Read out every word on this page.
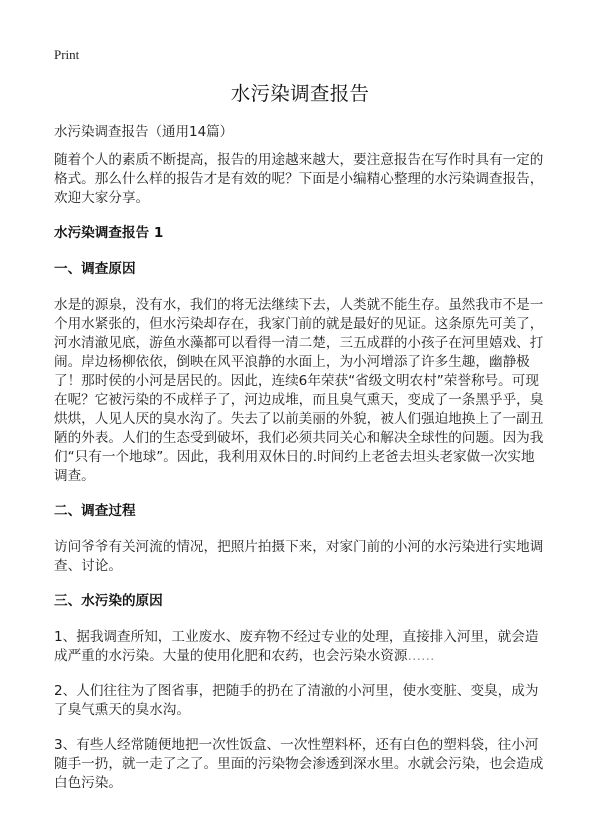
Print
水污染调查报告

水污染调查报告（通用14篇）

随着个人的素质不断提高，报告的用途越来越大，要注意报告在写作时具有一定的格式。那么什么样的报告才是有效的呢？下面是小编精心整理的水污染调查报告，欢迎大家分享。

水污染调查报告 1

一、调查原因

水是的源泉，没有水，我们的将无法继续下去，人类就不能生存。虽然我市不是一个用水紧张的，但水污染却存在，我家门前的就是最好的见证。这条原先可美了，河水清澈见底，游鱼水藻都可以看得一清二楚，三五成群的小孩子在河里嬉戏、打闹。岸边杨柳依依，倒映在风平浪静的水面上，为小河增添了许多生趣，幽静极了！那时侯的小河是居民的。因此，连续6年荣获“省级文明农村”荣誉称号。可现在呢？它被污染的不成样子了，河边成堆，而且臭气熏天，变成了一条黑乎乎，臭烘烘，人见人厌的臭水沟了。失去了以前美丽的外貌，被人们强迫地换上了一副丑陋的外表。人们的生态受到破坏，我们必须共同关心和解决全球性的问题。因为我们“只有一个地球”。因此，我利用双休日的.时间约上老爸去坦头老家做一次实地调查。

二、调查过程

访问爷爷有关河流的情况，把照片拍摄下来，对家门前的小河的水污染进行实地调查、讨论。

三、水污染的原因

1、据我调查所知，工业废水、废弃物不经过专业的处理，直接排入河里，就会造成严重的水污染。大量的使用化肥和农药，也会污染水资源……

2、人们往往为了图省事，把随手的扔在了清澈的小河里，使水变脏、变臭，成为了臭气熏天的臭水沟。

3、有些人经常随便地把一次性饭盒、一次性塑料杯，还有白色的塑料袋，往小河随手一扔，就一走了之了。里面的污染物会渗透到深水里。水就会污染，也会造成白色污染。
